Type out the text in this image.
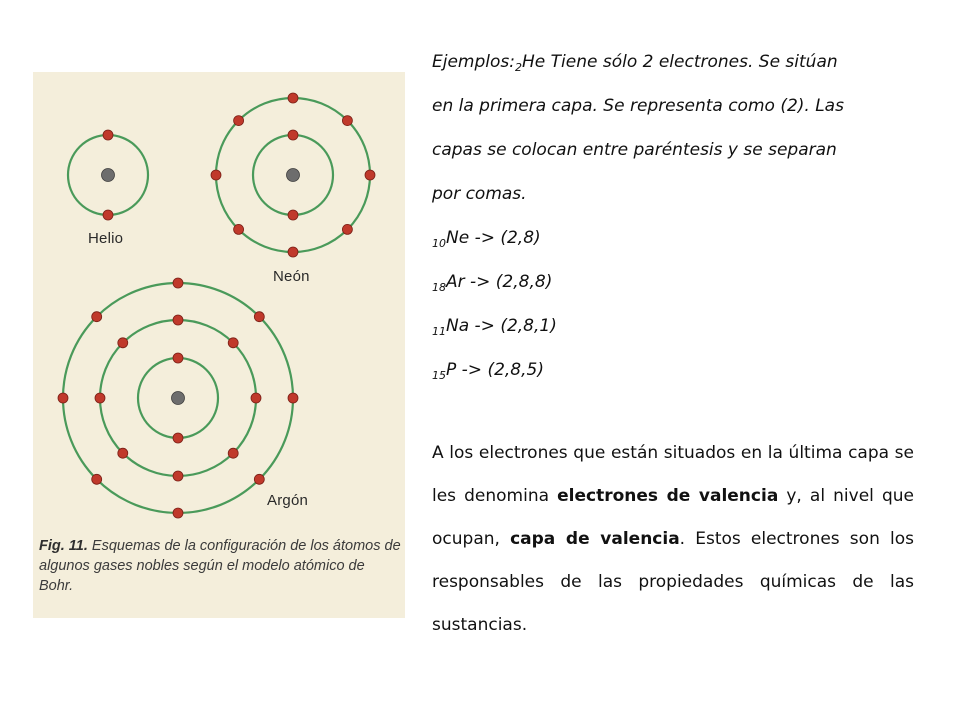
Helio
Neón
Argón
Fig. 11. Esquemas de la configuración de los átomos de algunos gases nobles según el modelo atómico de Bohr.

$Ejemplos:_2He$ Tiene sólo 2 electrones. Se sitúan

en la primera capa. Se representa como (2). Las

capas se colocan entre paréntesis y se separan

por comas.

$_{10}$Ne -> (2,8)

$_{18}$Ar -> (2,8,8)

$_{11}$Na -> (2,8,1)

$_{15}$P -> (2,8,5)

A los electrones que están situados en la última capa se les denomina electrones de valencia y, al nivel que ocupan, capa de valencia. Estos electrones son los responsables de las propiedades químicas de las sustancias.
